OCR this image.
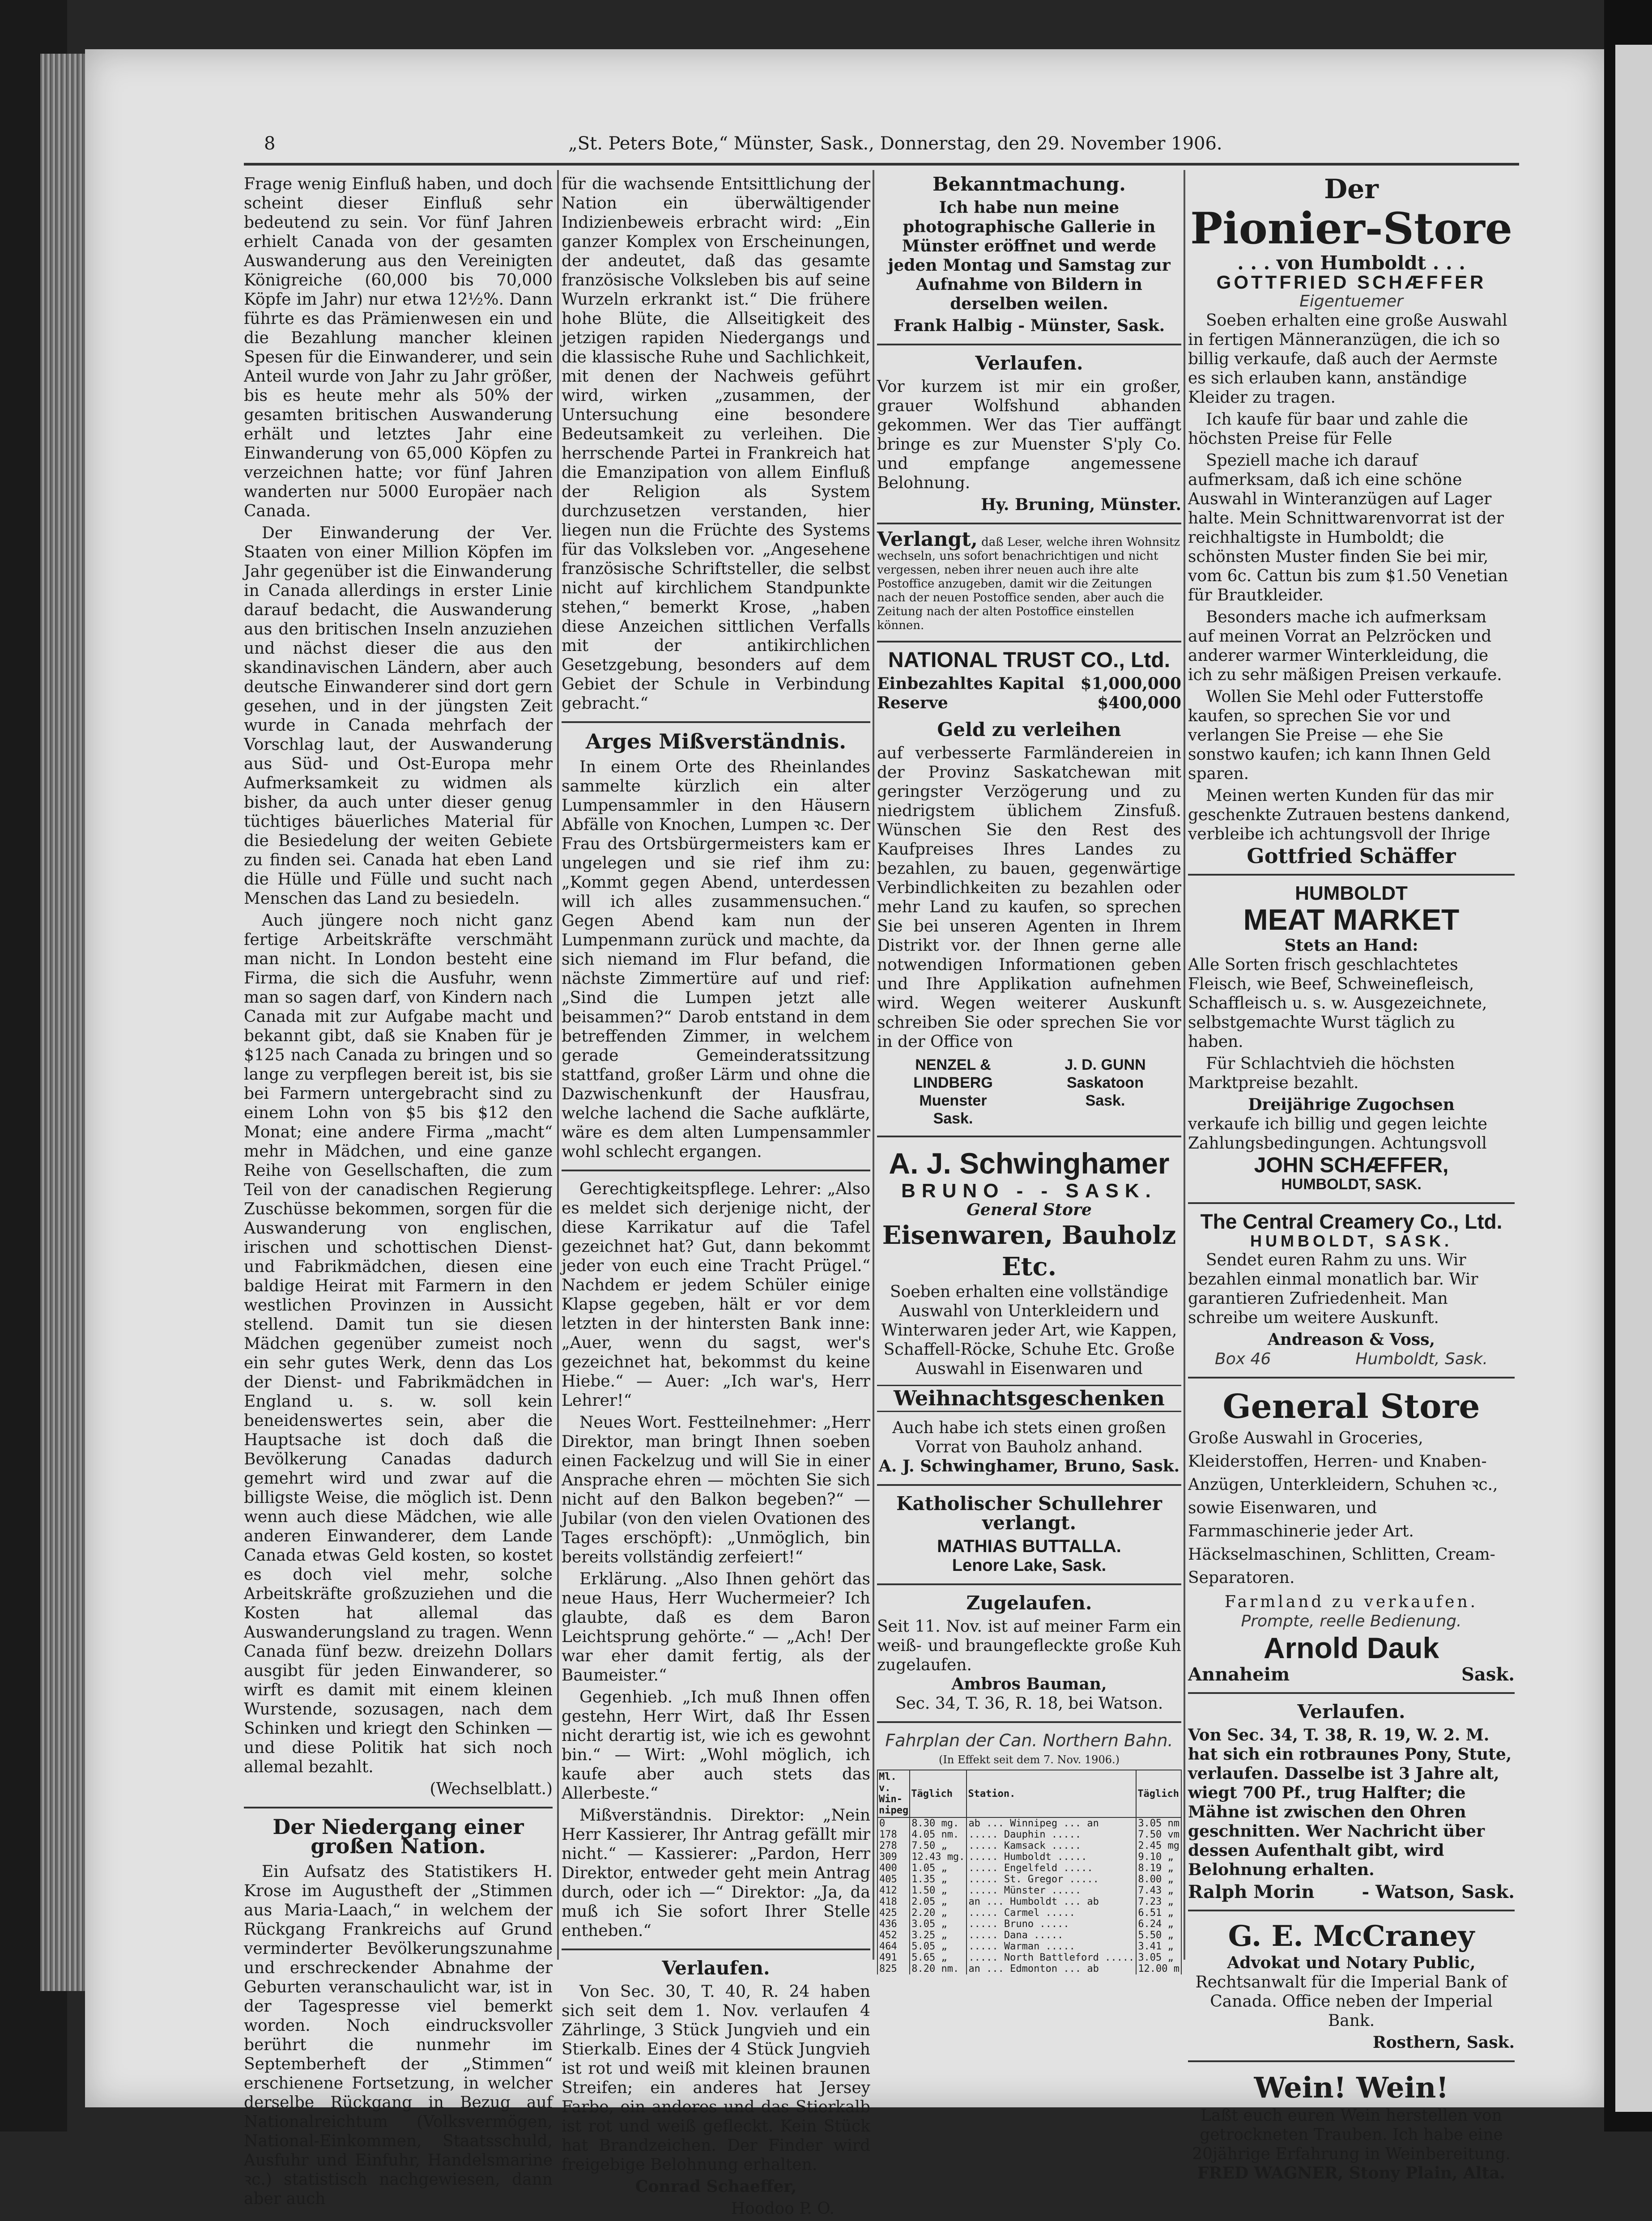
8	„St. Peters Bote,“ Münster, Sask., Donnerstag, den 29. November 1906.

Frage wenig Einfluß haben, und doch scheint dieser Einfluß sehr bedeutend zu sein. Vor fünf Jahren erhielt Canada von der gesamten Auswanderung aus den Vereinigten Königreiche (60,000 bis 70,000 Köpfe im Jahr) nur etwa 12½%. Dann führte es das Prämienwesen ein und die Bezahlung mancher kleinen Spesen für die Einwanderer, und sein Anteil wurde von Jahr zu Jahr größer, bis es heute mehr als 50% der gesamten britischen Auswanderung erhält und letztes Jahr eine Einwanderung von 65,000 Köpfen zu verzeichnen hatte; vor fünf Jahren wanderten nur 5000 Europäer nach Canada.

Der Einwanderung der Ver. Staaten von einer Million Köpfen im Jahr gegenüber ist die Einwanderung in Canada allerdings in erster Linie darauf bedacht, die Auswanderung aus den britischen Inseln anzuziehen und nächst dieser die aus den skandinavischen Ländern, aber auch deutsche Einwanderer sind dort gern gesehen, und in der jüngsten Zeit wurde in Canada mehrfach der Vorschlag laut, der Auswanderung aus Süd- und Ost-Europa mehr Aufmerksamkeit zu widmen als bisher, da auch unter dieser genug tüchtiges bäuerliches Material für die Besiedelung der weiten Gebiete zu finden sei. Canada hat eben Land die Hülle und Fülle und sucht nach Menschen das Land zu besiedeln.

Auch jüngere noch nicht ganz fertige Arbeitskräfte verschmäht man nicht. In London besteht eine Firma, die sich die Ausfuhr, wenn man so sagen darf, von Kindern nach Canada mit zur Aufgabe macht und bekannt gibt, daß sie Knaben für je $125 nach Canada zu bringen und so lange zu verpflegen bereit ist, bis sie bei Farmern untergebracht sind zu einem Lohn von $5 bis $12 den Monat; eine andere Firma „macht“ mehr in Mädchen, und eine ganze Reihe von Gesellschaften, die zum Teil von der canadischen Regierung Zuschüsse bekommen, sorgen für die Auswanderung von englischen, irischen und schottischen Dienst- und Fabrikmädchen, diesen eine baldige Heirat mit Farmern in den westlichen Provinzen in Aussicht stellend. Damit tun sie diesen Mädchen gegenüber zumeist noch ein sehr gutes Werk, denn das Los der Dienst- und Fabrikmädchen in England u. s. w. soll kein beneidenswertes sein, aber die Hauptsache ist doch daß die Bevölkerung Canadas dadurch gemehrt wird und zwar auf die billigste Weise, die möglich ist. Denn wenn auch diese Mädchen, wie alle anderen Einwanderer, dem Lande Canada etwas Geld kosten, so kostet es doch viel mehr, solche Arbeitskräfte großzuziehen und die Kosten hat allemal das Auswanderungsland zu tragen. Wenn Canada fünf bezw. dreizehn Dollars ausgibt für jeden Einwanderer, so wirft es damit mit einem kleinen Wurstende, sozusagen, nach dem Schinken und kriegt den Schinken — und diese Politik hat sich noch allemal bezahlt.

(Wechselblatt.)
Der Niedergang einer großen Nation.

Ein Aufsatz des Statistikers H. Krose im Augustheft der „Stimmen aus Maria-Laach,“ in welchem der Rückgang Frankreichs auf Grund verminderter Bevölkerungszunahme und erschreckender Abnahme der Geburten veranschaulicht war, ist in der Tagespresse viel bemerkt worden. Noch eindrucksvoller berührt die nunmehr im Septemberheft der „Stimmen“ erschienene Fortsetzung, in welcher derselbe Rückgang in Bezug auf Nationalreichtum (Volksvermögen, National-Einkommen, Staatsschuld, Ausfuhr und Einfuhr, Handelsmarine ꝛc.) statistisch nachgewiesen, dann aber auch

für die wachsende Entsittlichung der Nation ein überwältigender Indizienbeweis erbracht wird: „Ein ganzer Komplex von Erscheinungen, der andeutet, daß das gesamte französische Volksleben bis auf seine Wurzeln erkrankt ist.“ Die frühere hohe Blüte, die Allseitigkeit des jetzigen rapiden Niedergangs und die klassische Ruhe und Sachlichkeit, mit denen der Nachweis geführt wird, wirken „zusammen, der Untersuchung eine besondere Bedeutsamkeit zu verleihen. Die herrschende Partei in Frankreich hat die Emanzipation von allem Einfluß der Religion als System durchzusetzen verstanden, hier liegen nun die Früchte des Systems für das Volksleben vor. „Angesehene französische Schriftsteller, die selbst nicht auf kirchlichem Standpunkte stehen,“ bemerkt Krose, „haben diese Anzeichen sittlichen Verfalls mit der antikirchlichen Gesetzgebung, besonders auf dem Gebiet der Schule in Verbindung gebracht.“

Arges Mißverständnis.

In einem Orte des Rheinlandes sammelte kürzlich ein alter Lumpensammler in den Häusern Abfälle von Knochen, Lumpen ꝛc. Der Frau des Ortsbürgermeisters kam er ungelegen und sie rief ihm zu: „Kommt gegen Abend, unterdessen will ich alles zusammensuchen.“ Gegen Abend kam nun der Lumpenmann zurück und machte, da sich niemand im Flur befand, die nächste Zimmertüre auf und rief: „Sind die Lumpen jetzt alle beisammen?“ Darob entstand in dem betreffenden Zimmer, in welchem gerade Gemeinderatssitzung stattfand, großer Lärm und ohne die Dazwischenkunft der Hausfrau, welche lachend die Sache aufklärte, wäre es dem alten Lumpensammler wohl schlecht ergangen.

Gerechtigkeitspflege. Lehrer: „Also es meldet sich derjenige nicht, der diese Karrikatur auf die Tafel gezeichnet hat? Gut, dann bekommt jeder von euch eine Tracht Prügel.“ Nachdem er jedem Schüler einige Klapse gegeben, hält er vor dem letzten in der hintersten Bank inne: „Auer, wenn du sagst, wer's gezeichnet hat, bekommst du keine Hiebe.“ — Auer: „Ich war's, Herr Lehrer!“

Neues Wort. Festteilnehmer: „Herr Direktor, man bringt Ihnen soeben einen Fackelzug und will Sie in einer Ansprache ehren — möchten Sie sich nicht auf den Balkon begeben?“ — Jubilar (von den vielen Ovationen des Tages erschöpft): „Unmöglich, bin bereits vollständig zerfeiert!“

Erklärung. „Also Ihnen gehört das neue Haus, Herr Wuchermeier? Ich glaubte, daß es dem Baron Leichtsprung gehörte.“ — „Ach! Der war eher damit fertig, als der Baumeister.“

Gegenhieb. „Ich muß Ihnen offen gestehn, Herr Wirt, daß Ihr Essen nicht derartig ist, wie ich es gewohnt bin.“ — Wirt: „Wohl möglich, ich kaufe aber auch stets das Allerbeste.“

Mißverständnis. Direktor: „Nein Herr Kassierer, Ihr Antrag gefällt mir nicht.“ — Kassierer: „Pardon, Herr Direktor, entweder geht mein Antrag durch, oder ich —“ Direktor: „Ja, da muß ich Sie sofort Ihrer Stelle entheben.“

Verlaufen.

Von Sec. 30, T. 40, R. 24 haben sich seit dem 1. Nov. verlaufen 4 Zährlinge, 3 Stück Jungvieh und ein Stierkalb. Eines der 4 Stück Jungvieh ist rot und weiß mit kleinen braunen Streifen; ein anderes hat Jersey Farbe, ein anderes und das Stierkalb ist rot und weiß gefleckt. Kein Stück hat Brandzeichen. Der Finder wird freigebige Belohnung erhalten.

Conrad Schaeffer,
Hoodoo P. O.
Bekanntmachung.
Ich habe nun meine photographische Gallerie in Münster eröffnet und werde jeden Montag und Samstag zur Aufnahme von Bildern in derselben weilen.
Frank Halbig - Münster, Sask.
Verlaufen.
Vor kurzem ist mir ein großer, grauer Wolfshund abhanden gekommen. Wer das Tier auffängt bringe es zur Muenster S'ply Co. und empfange angemessene Belohnung.
Hy. Bruning, Münster.
Verlangt, daß Leser, welche ihren Wohnsitz wechseln, uns sofort benachrichtigen und nicht vergessen, neben ihrer neuen auch ihre alte Postoffice anzugeben, damit wir die Zeitungen nach der neuen Postoffice senden, aber auch die Zeitung nach der alten Postoffice einstellen können.
NATIONAL TRUST CO., Ltd.
Einbezahltes Kapital $1,000,000
Reserve	$400,000
Geld zu verleihen
auf verbesserte Farmländereien in der Provinz Saskatchewan mit geringster Verzögerung und zu niedrigstem üblichem Zinsfuß. Wünschen Sie den Rest des Kaufpreises Ihres Landes zu bezahlen, zu bauen, gegenwärtige Verbindlichkeiten zu bezahlen oder mehr Land zu kaufen, so sprechen Sie bei unseren Agenten in Ihrem Distrikt vor. der Ihnen gerne alle notwendigen Informationen geben und Ihre Applikation aufnehmen wird. Wegen weiterer Auskunft schreiben Sie oder sprechen Sie vor in der Office von
NENZEL & LINDBERG
Muenster
Sask.
J. D. GUNN
Saskatoon
Sask.
A. J. Schwinghamer
BRUNO - - SASK.
General Store
Eisenwaren, Bauholz Etc.
Soeben erhalten eine vollständige Auswahl von Unterkleidern und Winterwaren jeder Art, wie Kappen, Schaffell-Röcke, Schuhe Etc. Große Auswahl in Eisenwaren und
Weihnachtsgeschenken
Auch habe ich stets einen großen Vorrat von Bauholz anhand.
A. J. Schwinghamer, Bruno, Sask.
Katholischer Schullehrer verlangt.
MATHIAS BUTTALLA.
Lenore Lake, Sask.
Zugelaufen.
Seit 11. Nov. ist auf meiner Farm ein weiß- und braungefleckte große Kuh zugelaufen.
Ambros Bauman,
Sec. 34, T. 36, R. 18, bei Watson.
Fahrplan der Can. Northern Bahn.
(In Effekt seit dem 7. Nov. 1906.)
Ml. v. Win-nipeg	Täglich	Station.	Täglich
0	8.30 mg.	ab ... Winnipeg ... an	3.05 nm
178	4.05 nm.	..... Dauphin .....	7.50 vm
278	7.50 „	..... Kamsack .....	2.45 mg
309	12.43 mg.	..... Humboldt .....	9.10 „
400	1.05 „	..... Engelfeld .....	8.19 „
405	1.35 „	..... St. Gregor .....	8.00 „
412	1.50 „	..... Münster .....	7.43 „
418	2.05 „	an ... Humboldt ... ab	7.23 „
425	2.20 „	..... Carmel .....	6.51 „
436	3.05 „	..... Bruno .....	6.24 „
452	3.25 „	..... Dana .....	5.50 „
464	5.05 „	..... Warman .....	3.41 „
491	5.65 „	..... North Battleford .....	3.05 „
825	8.20 nm.	an ... Edmonton ... ab	12.00 m
Der
Pionier-Store
. . . von Humboldt . . .
GOTTFRIED SCHÆFFER
Eigentuemer

Soeben erhalten eine große Auswahl in fertigen Männeranzügen, die ich so billig verkaufe, daß auch der Aermste es sich erlauben kann, anständige Kleider zu tragen.

Ich kaufe für baar und zahle die höchsten Preise für Felle

Speziell mache ich darauf aufmerksam, daß ich eine schöne Auswahl in Winteranzügen auf Lager halte. Mein Schnittwarenvorrat ist der reichhaltigste in Humboldt; die schönsten Muster finden Sie bei mir, vom 6c. Cattun bis zum $1.50 Venetian für Brautkleider.

Besonders mache ich aufmerksam auf meinen Vorrat an Pelzröcken und anderer warmer Winterkleidung, die ich zu sehr mäßigen Preisen verkaufe.

Wollen Sie Mehl oder Futterstoffe kaufen, so sprechen Sie vor und verlangen Sie Preise — ehe Sie sonstwo kaufen; ich kann Ihnen Geld sparen.

Meinen werten Kunden für das mir geschenkte Zutrauen bestens dankend, verbleibe ich achtungsvoll der Ihrige

Gottfried Schäffer
HUMBOLDT
MEAT MARKET
Stets an Hand:

Alle Sorten frisch geschlachtetes Fleisch, wie Beef, Schweinefleisch, Schaffleisch u. s. w. Ausgezeichnete, selbstgemachte Wurst täglich zu haben.

Für Schlachtvieh die höchsten Marktpreise bezahlt.

Dreijährige Zugochsen

verkaufe ich billig und gegen leichte Zahlungsbedingungen. Achtungsvoll

JOHN SCHÆFFER,
HUMBOLDT, SASK.
The Central Creamery Co., Ltd.
HUMBOLDT, SASK.

Sendet euren Rahm zu uns. Wir bezahlen einmal monatlich bar. Wir garantieren Zufriedenheit. Man schreibe um weitere Auskunft.

Andreason & Voss,
Box 46	Humboldt, Sask.
General Store

Große Auswahl in Groceries, Kleiderstoffen, Herren- und Knaben-Anzügen, Unterkleidern, Schuhen ꝛc., sowie Eisenwaren, und Farmmaschinerie jeder Art. Häckselmaschinen, Schlitten, Cream-Separatoren.

Farmland zu verkaufen.
Prompte, reelle Bedienung.
Arnold Dauk
Annaheim	Sask.
Verlaufen.

Von Sec. 34, T. 38, R. 19, W. 2. M. hat sich ein rotbraunes Pony, Stute, verlaufen. Dasselbe ist 3 Jahre alt, wiegt 700 Pf., trug Halfter; die Mähne ist zwischen den Ohren geschnitten. Wer Nachricht über dessen Aufenthalt gibt, wird Belohnung erhalten.

Ralph Morin	- Watson, Sask.
G. E. McCraney
Advokat und Notary Public,
Rechtsanwalt für die Imperial Bank of Canada. Office neben der Imperial Bank.
Rosthern, Sask.
Wein! Wein!
Laßt euch euren Wein herstellen von getrockneten Trauben. Ich habe eine 20jährige Erfahrung in Weinbereitung.
FRED WAGNER, Stony Plain, Alta.
